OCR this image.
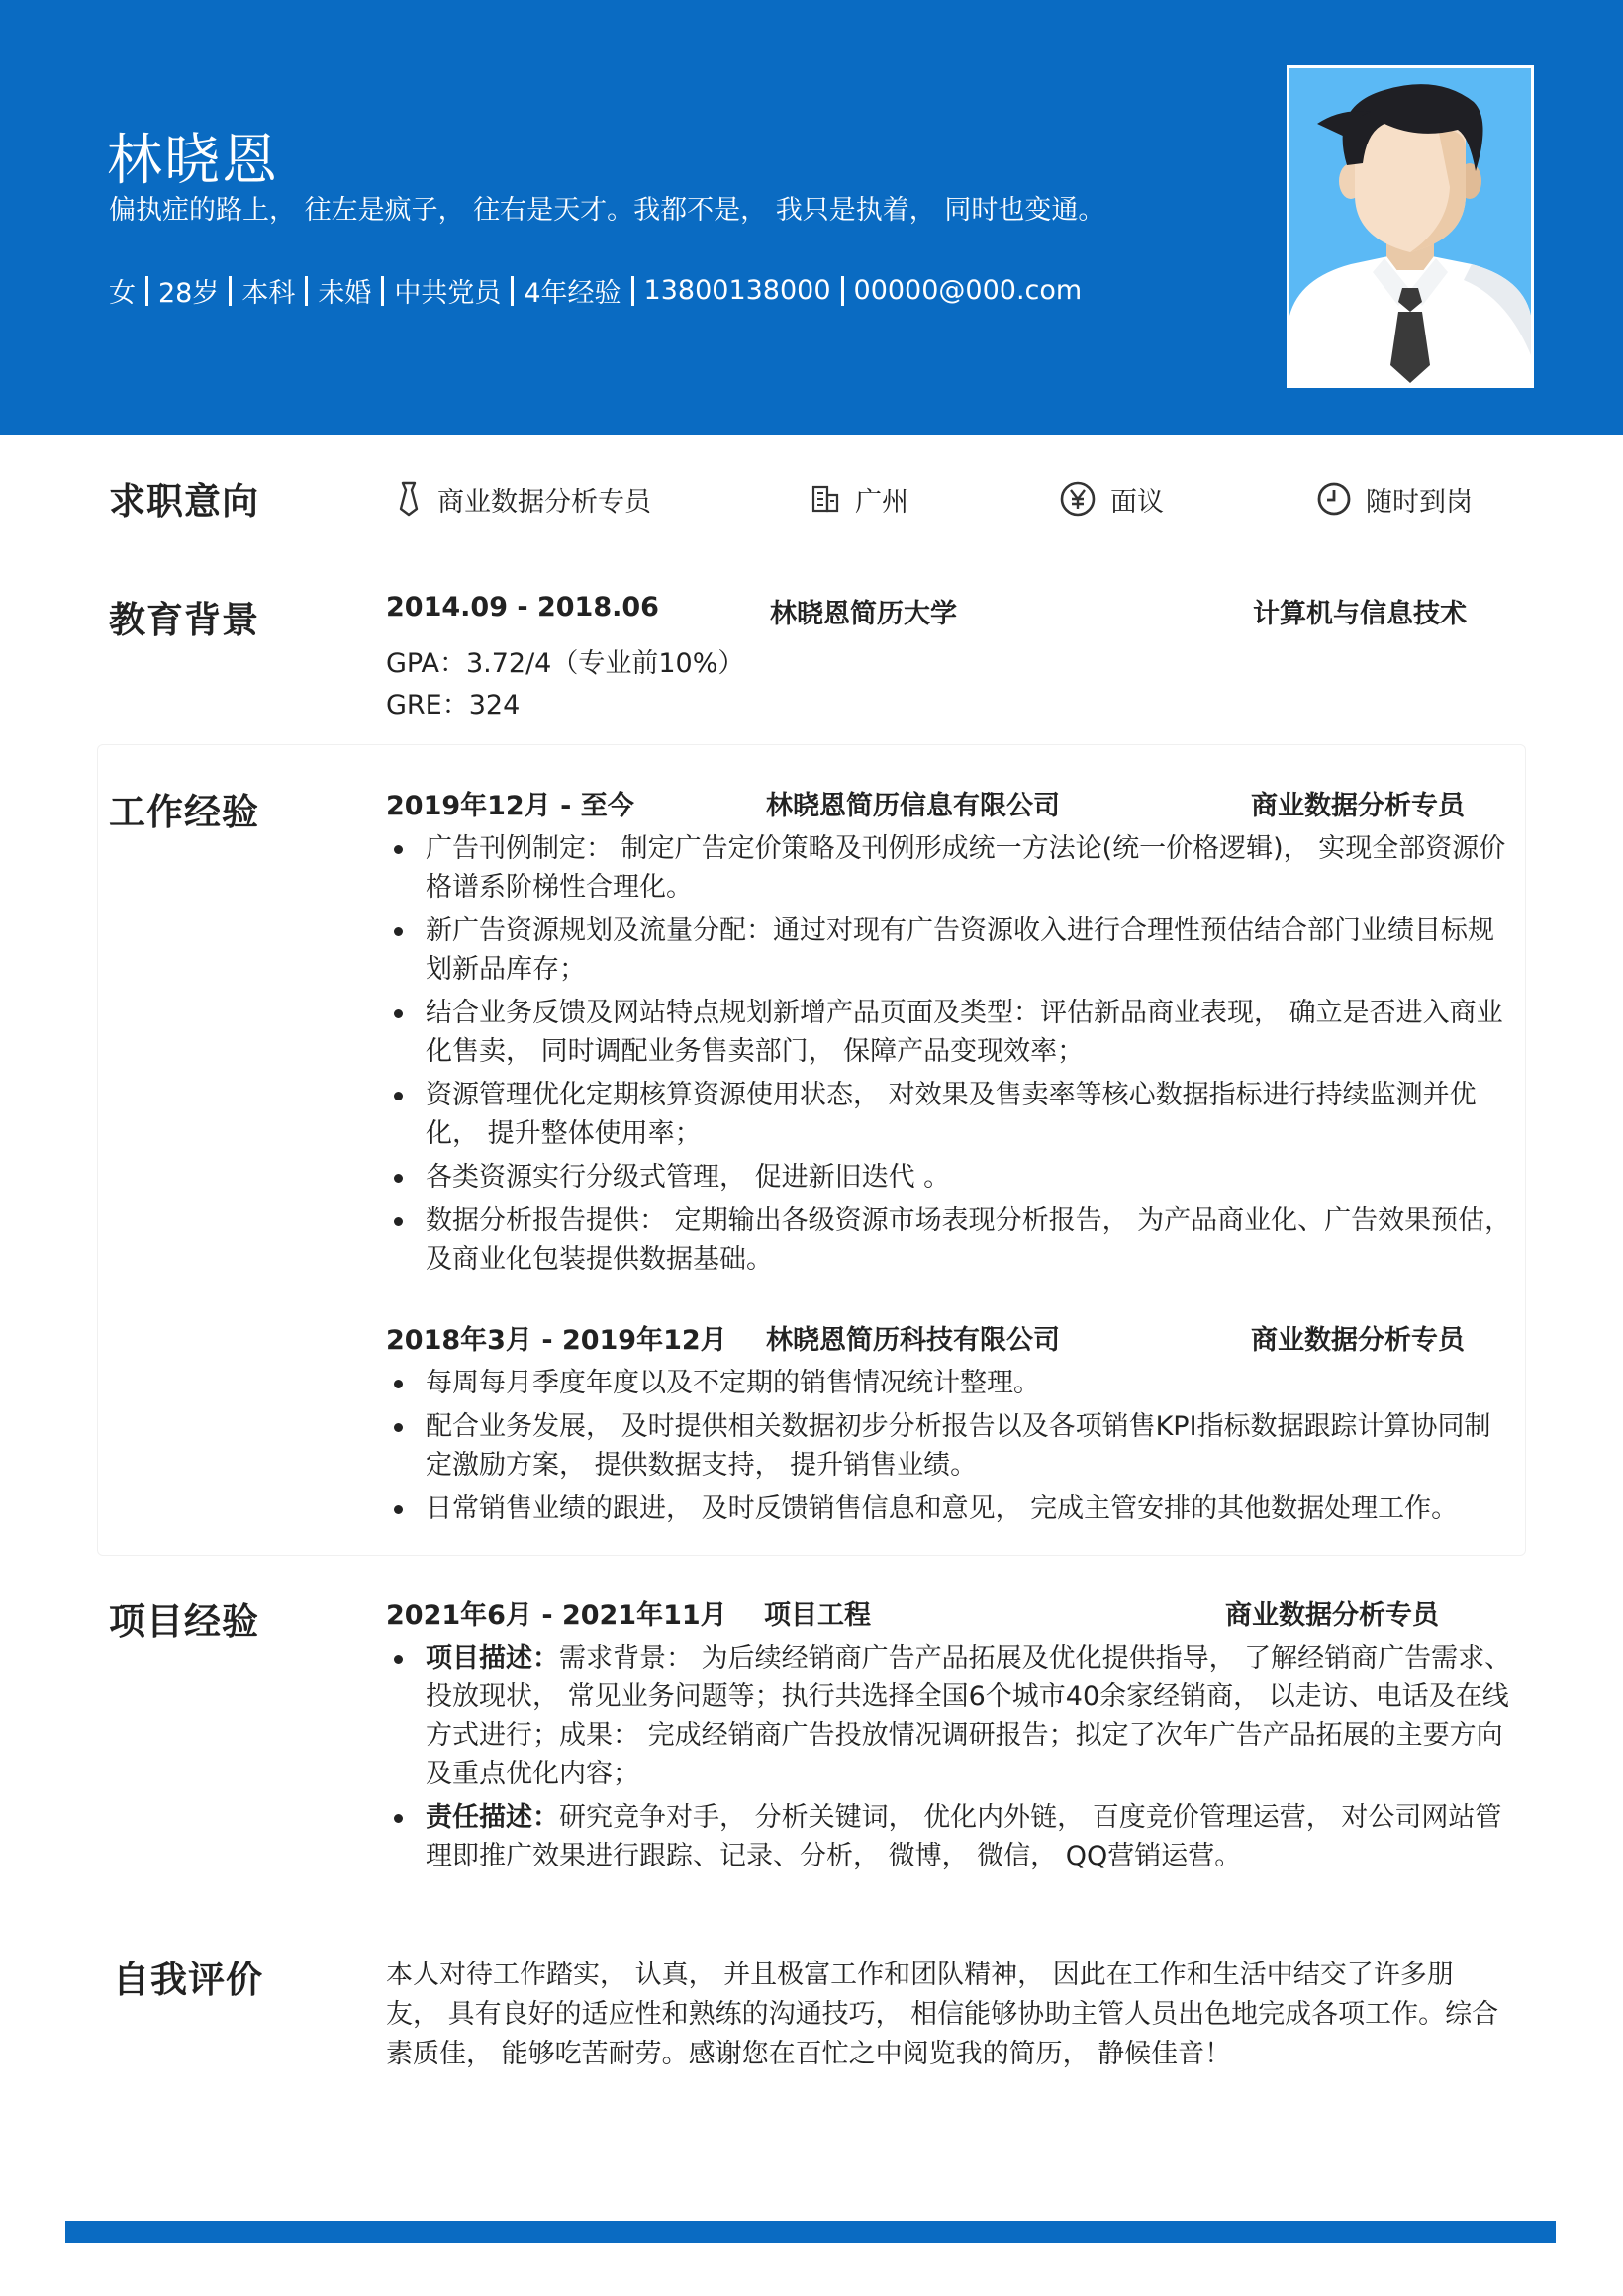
林晓恩
偏执症的路上， 往左是疯子， 往右是天才。我都不是， 我只是执着， 同时也变通。
女 28岁 本科 未婚 中共党员 4年经验 13800138000 00000@000.com
求职意向	商业数据分析专员	广州	面议	随时到岗
教育背景	2014.09 - 2018.06	林晓恩简历大学	计算机与信息技术
GPA：3.72/4（专业前10%）
GRE：324
工作经验	2019年12月 - 至今	林晓恩简历信息有限公司	商业数据分析专员
广告刊例制定： 制定广告定价策略及刊例形成统一方法论(统一价格逻辑)， 实现全部资源价格谱系阶梯性合理化。
新广告资源规划及流量分配：通过对现有广告资源收入进行合理性预估结合部门业绩目标规划新品库存；
结合业务反馈及网站特点规划新增产品页面及类型：评估新品商业表现， 确立是否进入商业化售卖， 同时调配业务售卖部门， 保障产品变现效率；
资源管理优化定期核算资源使用状态， 对效果及售卖率等核心数据指标进行持续监测并优化， 提升整体使用率；
各类资源实行分级式管理， 促进新旧迭代 。
数据分析报告提供： 定期输出各级资源市场表现分析报告， 为产品商业化、广告效果预估， 及商业化包装提供数据基础。
2018年3月 - 2019年12月 林晓恩简历科技有限公司	商业数据分析专员
每周每月季度年度以及不定期的销售情况统计整理。
配合业务发展， 及时提供相关数据初步分析报告以及各项销售KPI指标数据跟踪计算协同制定激励方案， 提供数据支持， 提升销售业绩。
日常销售业绩的跟进， 及时反馈销售信息和意见， 完成主管安排的其他数据处理工作。
项目经验	2021年6月 - 2021年11月 项目工程	商业数据分析专员
项目描述：需求背景： 为后续经销商广告产品拓展及优化提供指导， 了解经销商广告需求、投放现状， 常见业务问题等；执行共选择全国6个城市40余家经销商， 以走访、电话及在线方式进行；成果： 完成经销商广告投放情况调研报告；拟定了次年广告产品拓展的主要方向及重点优化内容；
责任描述：研究竞争对手， 分析关键词， 优化内外链， 百度竞价管理运营， 对公司网站管理即推广效果进行跟踪、记录、分析， 微博， 微信， QQ营销运营。
自我评价	本人对待工作踏实， 认真， 并且极富工作和团队精神， 因此在工作和生活中结交了许多朋友， 具有良好的适应性和熟练的沟通技巧， 相信能够协助主管人员出色地完成各项工作。综合素质佳， 能够吃苦耐劳。感谢您在百忙之中阅览我的简历， 静候佳音！
